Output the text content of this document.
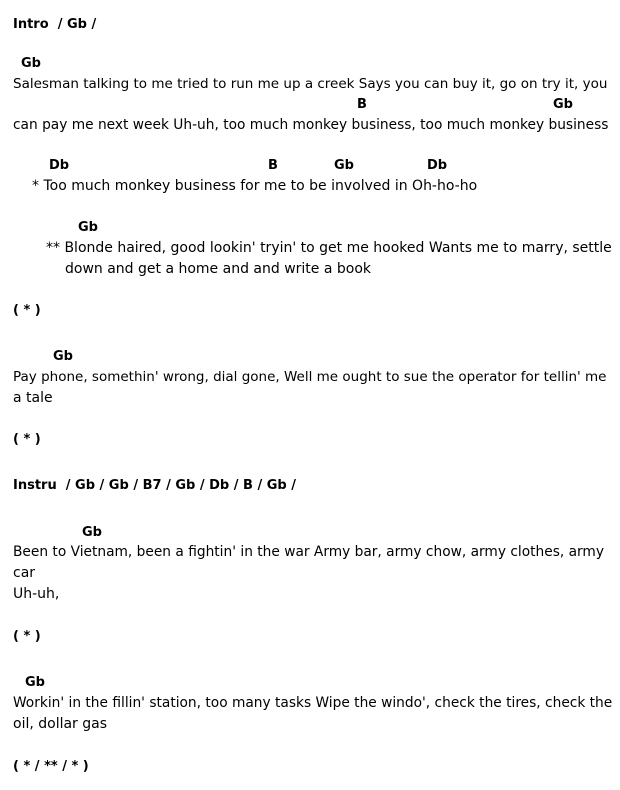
Intro  / Gb /
Gb
Salesman talking to me tried to run me up a creek Says you can buy it, go on try it, you
B	Gb
can pay me next week Uh-uh, too much monkey business, too much monkey business
Db	B	Gb	Db
* Too much monkey business for me to be involved in Oh-ho-ho
Gb
** Blonde haired, good lookin' tryin' to get me hooked Wants me to marry, settle
down and get a home and and write a book
( * )
Gb
Pay phone, somethin' wrong, dial gone, Well me ought to sue the operator for tellin' me
a tale
( * )
Instru  / Gb / Gb / B7 / Gb / Db / B / Gb /
Gb
Been to Vietnam, been a fightin' in the war Army bar, army chow, army clothes, army
car
Uh-uh,
( * )
Gb
Workin' in the fillin' station, too many tasks Wipe the windo', check the tires, check the
oil, dollar gas
( * / ** / * )
